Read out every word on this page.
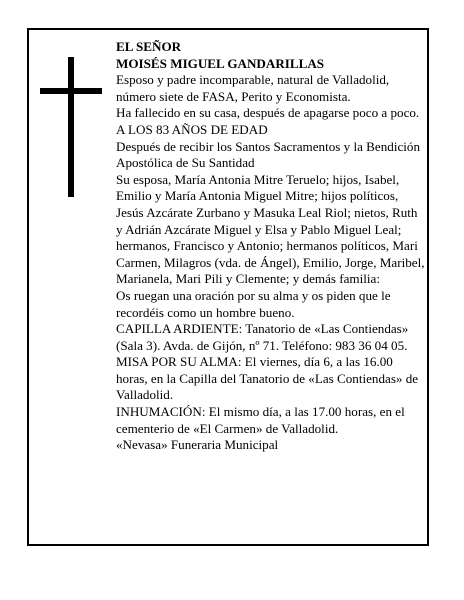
EL SEÑOR

MOISÉS MIGUEL GANDARILLAS

Esposo y padre incomparable, natural de Valladolid, número siete de FASA, Perito y Economista.

Ha fallecido en su casa, después de apagarse poco a poco.

A LOS 83 AÑOS DE EDAD

Después de recibir los Santos Sacramentos y la Bendición Apostólica de Su Santidad

Su esposa, María Antonia Mitre Teruelo; hijos, Isabel, Emilio y María Antonia Miguel Mitre; hijos políticos, Jesús Azcárate Zurbano y Masuka Leal Riol; nietos, Ruth y Adrián Azcárate Miguel y Elsa y Pablo Miguel Leal; hermanos, Francisco y Antonio; hermanos políticos, Mari Carmen, Milagros (vda. de Ángel), Emilio, Jorge, Maribel, Marianela, Mari Pili y Clemente; y demás familia:

Os ruegan una oración por su alma y os piden que le recordéis como un hombre bueno.

CAPILLA ARDIENTE: Tanatorio de «Las Contiendas» (Sala 3). Avda. de Gijón, nº 71. Teléfono: 983 36 04 05.

MISA POR SU ALMA: El viernes, día 6, a las 16.00 horas, en la Capilla del Tanatorio de «Las Contiendas» de Valladolid.

INHUMACIÓN: El mismo día, a las 17.00 horas, en el cementerio de «El Carmen» de Valladolid.

«Nevasa» Funeraria Municipal
